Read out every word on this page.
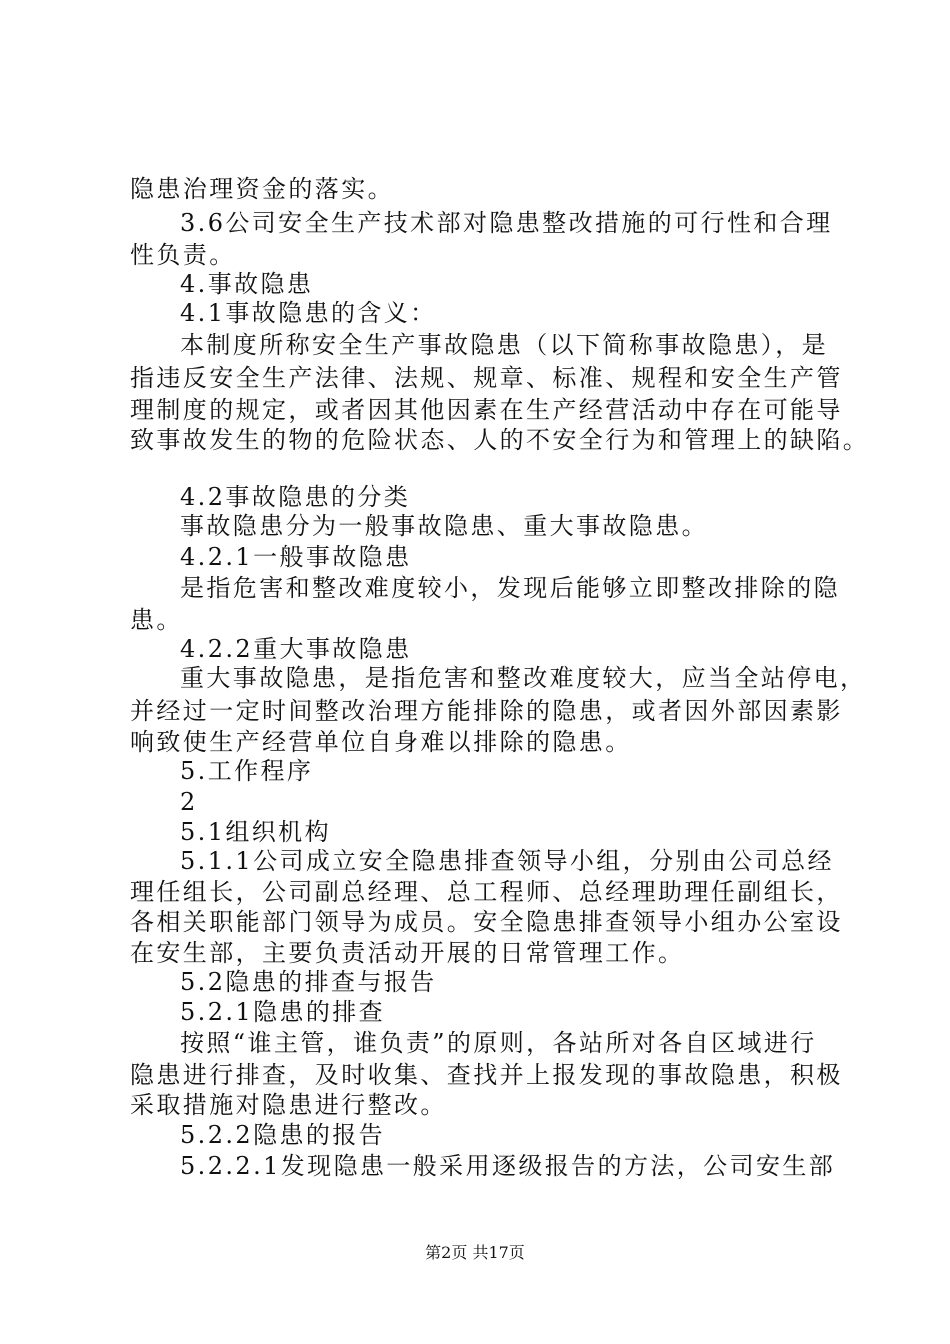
隐患治理资金的落实。
3.6公司安全生产技术部对隐患整改措施的可行性和合理
性负责。
4.事故隐患
4.1事故隐患的含义：
本制度所称安全生产事故隐患（以下简称事故隐患），是
指违反安全生产法律、法规、规章、标准、规程和安全生产管
理制度的规定，或者因其他因素在生产经营活动中存在可能导
致事故发生的物的危险状态、人的不安全行为和管理上的缺陷。
4.2事故隐患的分类
事故隐患分为一般事故隐患、重大事故隐患。
4.2.1一般事故隐患
是指危害和整改难度较小，发现后能够立即整改排除的隐
患。
4.2.2重大事故隐患
重大事故隐患，是指危害和整改难度较大，应当全站停电，
并经过一定时间整改治理方能排除的隐患，或者因外部因素影
响致使生产经营单位自身难以排除的隐患。
5.工作程序
2
5.1组织机构
5.1.1公司成立安全隐患排查领导小组，分别由公司总经
理任组长，公司副总经理、总工程师、总经理助理任副组长，
各相关职能部门领导为成员。安全隐患排查领导小组办公室设
在安生部，主要负责活动开展的日常管理工作。
5.2隐患的排查与报告
5.2.1隐患的排查
按照“谁主管，谁负责”的原则，各站所对各自区域进行
隐患进行排查，及时收集、查找并上报发现的事故隐患，积极
采取措施对隐患进行整改。
5.2.2隐患的报告
5.2.2.1发现隐患一般采用逐级报告的方法，公司安生部
第2页 共17页
